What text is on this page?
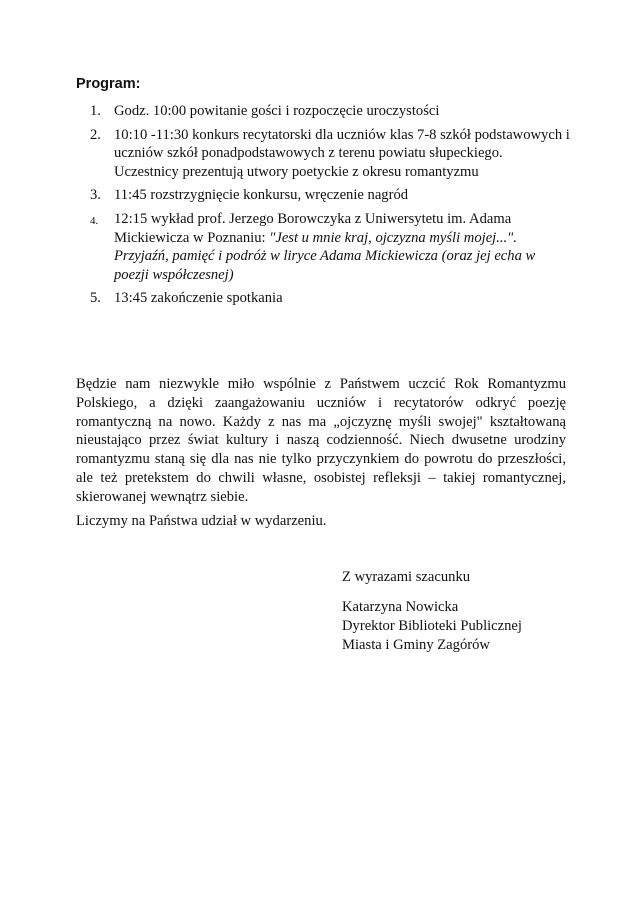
Program:
1. Godz. 10:00 powitanie gości i rozpoczęcie uroczystości
2. 10:10 -11:30 konkurs recytatorski dla uczniów klas 7-8 szkół podstawowych i uczniów szkół ponadpodstawowych z terenu powiatu słupeckiego. Uczestnicy prezentują utwory poetyckie z okresu romantyzmu
3. 11:45 rozstrzygnięcie konkursu, wręczenie nagród
4. 12:15 wykład prof. Jerzego Borowczyka z Uniwersytetu im. Adama Mickiewicza w Poznaniu: "Jest u mnie kraj, ojczyzna myśli mojej...". Przyjaźń, pamięć i podróż w liryce Adama Mickiewicza (oraz jej echa w poezji współczesnej)
5. 13:45 zakończenie spotkania

Będzie nam niezwykle miło wspólnie z Państwem uczcić Rok Romantyzmu Polskiego, a dzięki zaangażowaniu uczniów i recytatorów odkryć poezję romantyczną na nowo. Każdy z nas ma „ojczyznę myśli swojej" kształtowaną nieustająco przez świat kultury i naszą codzienność. Niech dwusetne urodziny romantyzmu staną się dla nas nie tylko przyczynkiem do powrotu do przeszłości, ale też pretekstem do chwili własne, osobistej refleksji – takiej romantycznej, skierowanej wewnątrz siebie.

Liczymy na Państwa udział w wydarzeniu.

Z wyrazami szacunku
Katarzyna Nowicka
Dyrektor Biblioteki Publicznej
Miasta i Gminy Zagórów
